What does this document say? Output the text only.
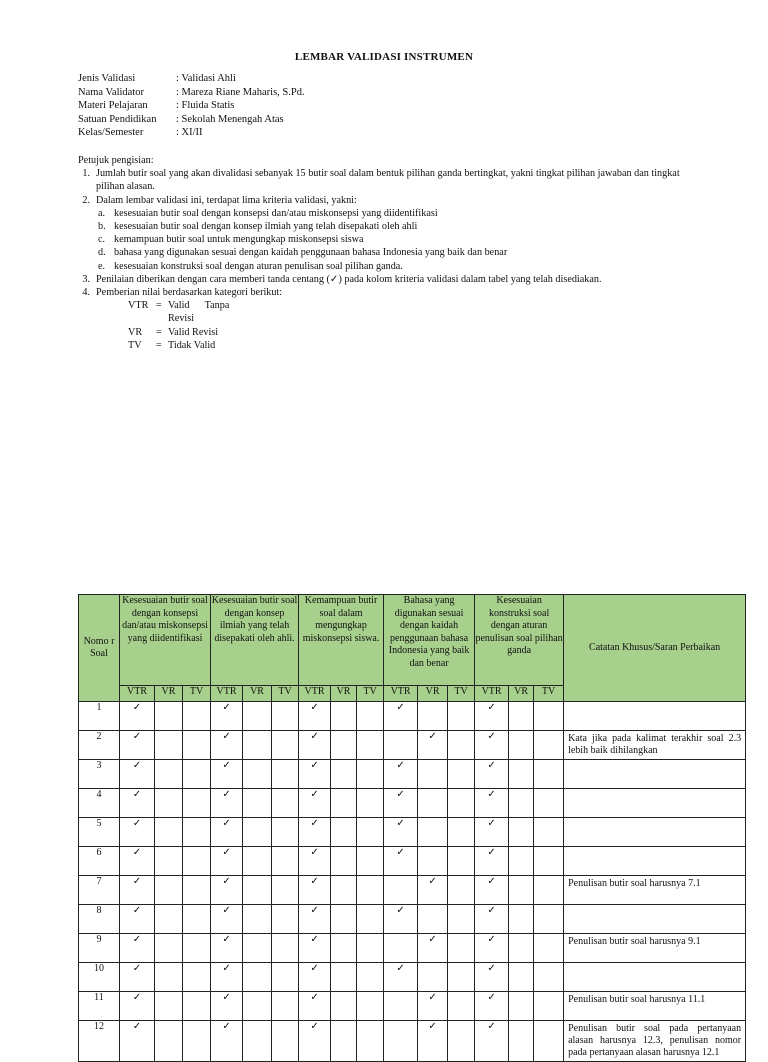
LEMBAR VALIDASI INSTRUMEN
Jenis Validasi	: Validasi Ahli
Nama Validator	: Mareza Riane Maharis, S.Pd.
Materi Pelajaran	: Fluida Statis
Satuan Pendidikan	: Sekolah Menengah Atas
Kelas/Semester	: XI/II
Petujuk pengisian:
1. Jumlah butir soal yang akan divalidasi sebanyak 15 butir soal dalam bentuk pilihan ganda bertingkat, yakni tingkat pilihan jawaban dan tingkat pilihan alasan.
2. Dalam lembar validasi ini, terdapat lima kriteria validasi, yakni:
a. kesesuaian butir soal dengan konsepsi dan/atau miskonsepsi yang diidentifikasi
b. kesesuaian butir soal dengan konsep ilmiah yang telah disepakati oleh ahli
c. kemampuan butir soal untuk mengungkap miskonsepsi siswa
d. bahasa yang digunakan sesuai dengan kaidah penggunaan bahasa Indonesia yang baik dan benar
e. kesesuaian konstruksi soal dengan aturan penulisan soal pilihan ganda.
3. Penilaian diberikan dengan cara memberi tanda centang (✓) pada kolom kriteria validasi dalam tabel yang telah disediakan.
4. Pemberian nilai berdasarkan kategori berikut:
VTR = Valid      Tanpa
Revisi
VR	= Valid Revisi
TV	= Tidak Valid
Nomo r Soal	Kesesuaian butir soal dengan konsepsi dan/atau miskonsepsi yang diidentifikasi			Kesesuaian butir soal dengan konsep ilmiah yang telah disepakati oleh ahli.			Kemampuan butir soal dalam mengungkap miskonsepsi siswa.			Bahasa yang digunakan sesuai dengan kaidah penggunaan bahasa Indonesia yang baik dan benar			Kesesuaian konstruksi soal dengan aturan penulisan soal pilihan ganda			Catatan Khusus/Saran Perbaikan
	VTR	VR	TV	VTR	VR	TV	VTR	VR	TV	VTR	VR	TV	VTR	VR	TV	
1	✓			✓			✓			✓			✓			
2	✓			✓			✓				✓		✓			Kata jika pada kalimat terakhir soal 2.3 lebih baik dihilangkan
3	✓			✓			✓			✓			✓			
4	✓			✓			✓			✓			✓			
5	✓			✓			✓			✓			✓			
6	✓			✓			✓			✓			✓			
7	✓			✓			✓				✓		✓			Penulisan butir soal harusnya 7.1
8	✓			✓			✓			✓			✓			
9	✓			✓			✓				✓		✓			Penulisan butir soal harusnya 9.1
10	✓			✓			✓			✓			✓			
11	✓			✓			✓				✓		✓			Penulisan butir soal harusnya 11.1
12	✓			✓			✓				✓		✓			Penulisan butir soal pada pertanyaan alasan harusnya 12.3, penulisan nomor pada pertanyaan alasan harusnya 12.1
